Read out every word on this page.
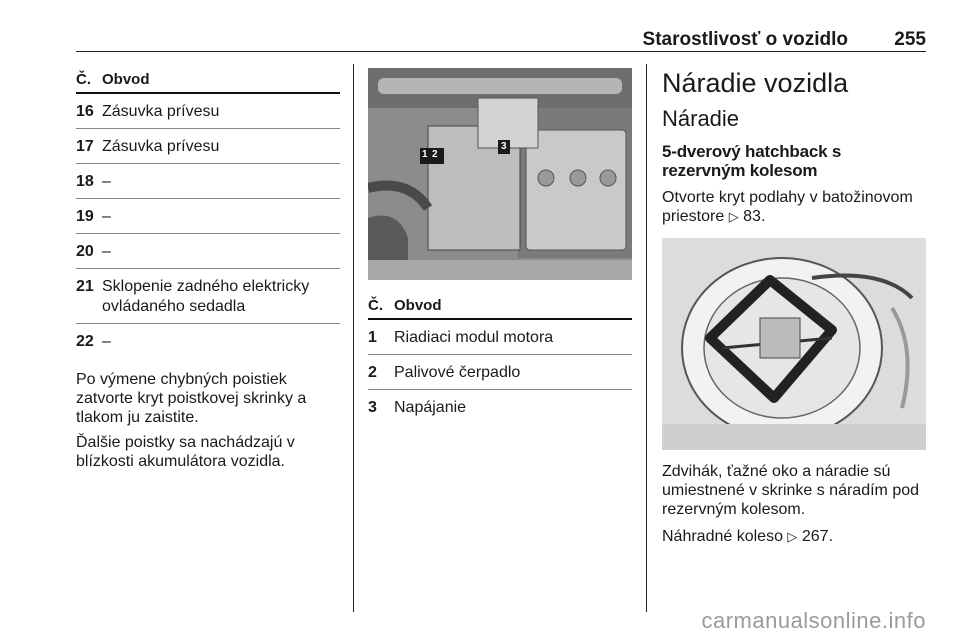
Starostlivosť o vozidlo 255
Č. Obvod
16 Zásuvka prívesu
17 Zásuvka prívesu
18 –
19 –
20 –
21 Sklopenie zadného elektricky ovládaného sedadla
22 –

Po výmene chybných poistiek zatvorte kryt poistkovej skrinky a tlakom ju zaistite.

Ďalšie poistky sa nachádzajú v blízkosti akumulátora vozidla.

1 2
3
Č. Obvod
1	Riadiaci modul motora
2	Palivové čerpadlo
3	Napájanie
Náradie vozidla
Náradie
5-dverový hatchback s rezervným kolesom

Otvorte kryt podlahy v batožinovom priestore ▷ 83.

Zdvihák, ťažné oko a náradie sú umiestnené v skrinke s náradím pod rezervným kolesom.

Náhradné koleso ▷ 267.

carmanualsonline.info
